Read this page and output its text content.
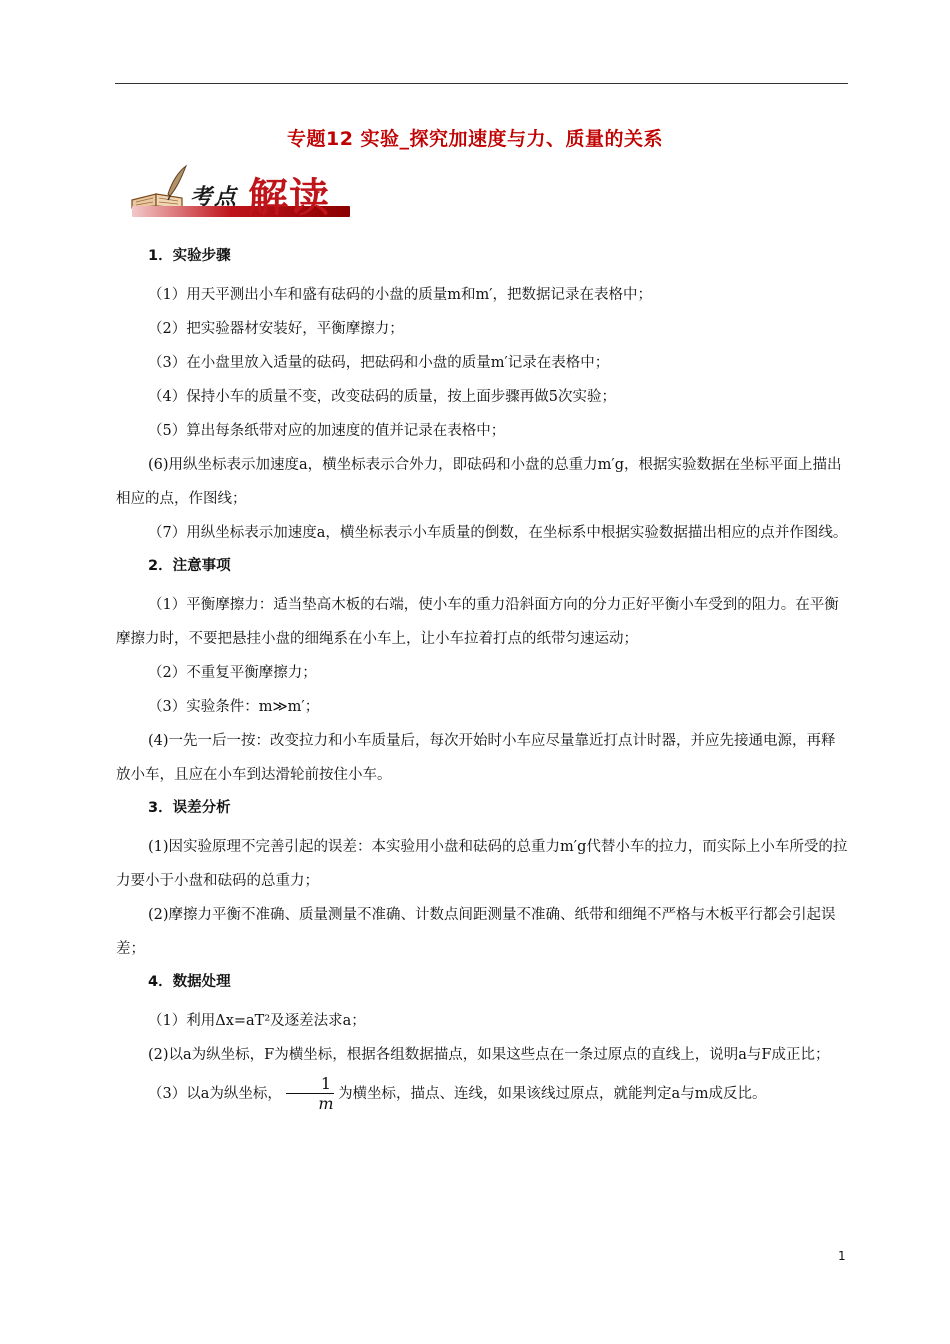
专题12 实验_探究加速度与力、质量的关系
考点 解读
1．实验步骤

（1）用天平测出小车和盛有砝码的小盘的质量m和m′，把数据记录在表格中；

（2）把实验器材安装好，平衡摩擦力；

（3）在小盘里放入适量的砝码，把砝码和小盘的质量m′记录在表格中；

（4）保持小车的质量不变，改变砝码的质量，按上面步骤再做5次实验；

（5）算出每条纸带对应的加速度的值并记录在表格中；

(6)用纵坐标表示加速度a，横坐标表示合外力，即砝码和小盘的总重力m′g，根据实验数据在坐标平面上描出相应的点，作图线；

（7）用纵坐标表示加速度a，横坐标表示小车质量的倒数，在坐标系中根据实验数据描出相应的点并作图线。

2．注意事项

（1）平衡摩擦力：适当垫高木板的右端，使小车的重力沿斜面方向的分力正好平衡小车受到的阻力。在平衡摩擦力时，不要把悬挂小盘的细绳系在小车上，让小车拉着打点的纸带匀速运动；

（2）不重复平衡摩擦力；

（3）实验条件：m≫m′；

(4)一先一后一按：改变拉力和小车质量后，每次开始时小车应尽量靠近打点计时器，并应先接通电源，再释放小车，且应在小车到达滑轮前按住小车。

3．误差分析

(1)因实验原理不完善引起的误差：本实验用小盘和砝码的总重力m′g代替小车的拉力，而实际上小车所受的拉力要小于小盘和砝码的总重力；

(2)摩擦力平衡不准确、质量测量不准确、计数点间距测量不准确、纸带和细绳不严格与木板平行都会引起误差；

4．数据处理

（1）利用Δx=aT²及逐差法求a；

(2)以a为纵坐标，F为横坐标，根据各组数据描点，如果这些点在一条过原点的直线上，说明a与F成正比；

（3）以a为纵坐标， $\frac{1}{m}$ 为横坐标，描点、连线，如果该线过原点，就能判定a与m成反比。

1
